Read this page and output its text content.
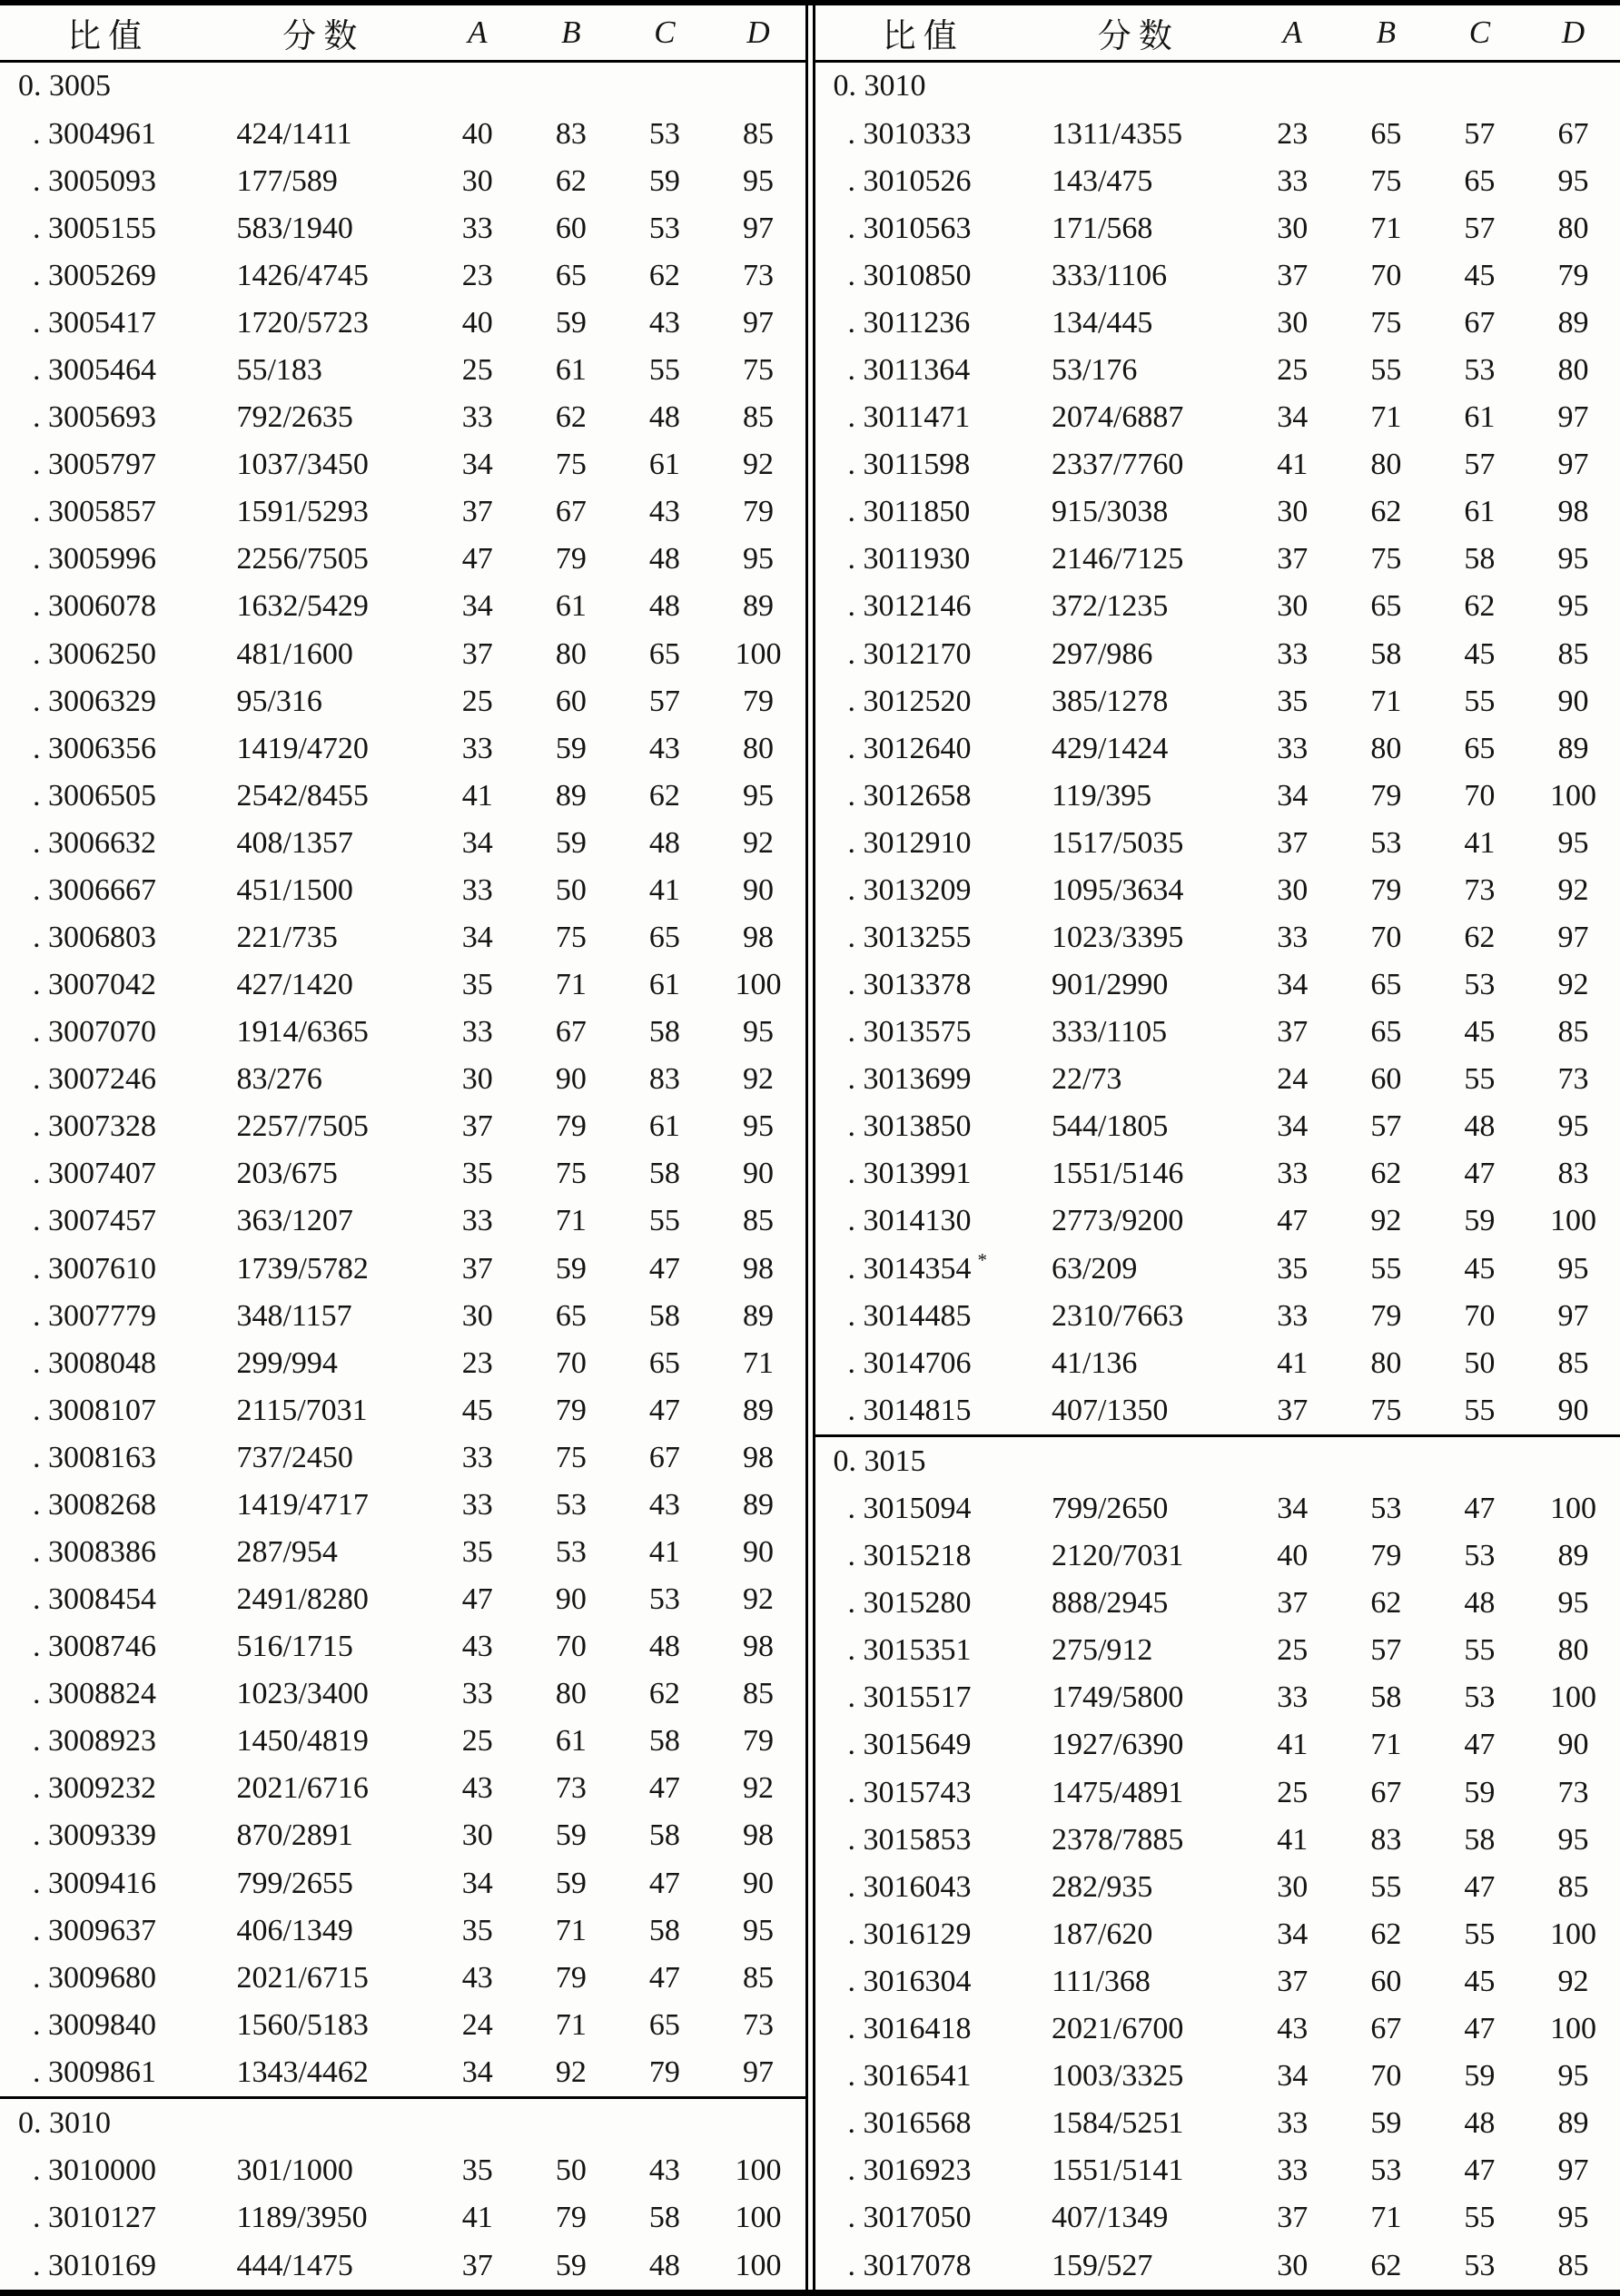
比值	分数	A	B	C	D
0. 3005					
. 3004961	424/1411	40	83	53	85
. 3005093	177/589	30	62	59	95
. 3005155	583/1940	33	60	53	97
. 3005269	1426/4745	23	65	62	73
. 3005417	1720/5723	40	59	43	97
. 3005464	55/183	25	61	55	75
. 3005693	792/2635	33	62	48	85
. 3005797	1037/3450	34	75	61	92
. 3005857	1591/5293	37	67	43	79
. 3005996	2256/7505	47	79	48	95
. 3006078	1632/5429	34	61	48	89
. 3006250	481/1600	37	80	65	100
. 3006329	95/316	25	60	57	79
. 3006356	1419/4720	33	59	43	80
. 3006505	2542/8455	41	89	62	95
. 3006632	408/1357	34	59	48	92
. 3006667	451/1500	33	50	41	90
. 3006803	221/735	34	75	65	98
. 3007042	427/1420	35	71	61	100
. 3007070	1914/6365	33	67	58	95
. 3007246	83/276	30	90	83	92
. 3007328	2257/7505	37	79	61	95
. 3007407	203/675	35	75	58	90
. 3007457	363/1207	33	71	55	85
. 3007610	1739/5782	37	59	47	98
. 3007779	348/1157	30	65	58	89
. 3008048	299/994	23	70	65	71
. 3008107	2115/7031	45	79	47	89
. 3008163	737/2450	33	75	67	98
. 3008268	1419/4717	33	53	43	89
. 3008386	287/954	35	53	41	90
. 3008454	2491/8280	47	90	53	92
. 3008746	516/1715	43	70	48	98
. 3008824	1023/3400	33	80	62	85
. 3008923	1450/4819	25	61	58	79
. 3009232	2021/6716	43	73	47	92
. 3009339	870/2891	30	59	58	98
. 3009416	799/2655	34	59	47	90
. 3009637	406/1349	35	71	58	95
. 3009680	2021/6715	43	79	47	85
. 3009840	1560/5183	24	71	65	73
. 3009861	1343/4462	34	92	79	97
0. 3010					
. 3010000	301/1000	35	50	43	100
. 3010127	1189/3950	41	79	58	100
. 3010169	444/1475	37	59	48	100
比值	分数	A	B	C	D
0. 3010					
. 3010333	1311/4355	23	65	57	67
. 3010526	143/475	33	75	65	95
. 3010563	171/568	30	71	57	80
. 3010850	333/1106	37	70	45	79
. 3011236	134/445	30	75	67	89
. 3011364	53/176	25	55	53	80
. 3011471	2074/6887	34	71	61	97
. 3011598	2337/7760	41	80	57	97
. 3011850	915/3038	30	62	61	98
. 3011930	2146/7125	37	75	58	95
. 3012146	372/1235	30	65	62	95
. 3012170	297/986	33	58	45	85
. 3012520	385/1278	35	71	55	90
. 3012640	429/1424	33	80	65	89
. 3012658	119/395	34	79	70	100
. 3012910	1517/5035	37	53	41	95
. 3013209	1095/3634	30	79	73	92
. 3013255	1023/3395	33	70	62	97
. 3013378	901/2990	34	65	53	92
. 3013575	333/1105	37	65	45	85
. 3013699	22/73	24	60	55	73
. 3013850	544/1805	34	57	48	95
. 3013991	1551/5146	33	62	47	83
. 3014130	2773/9200	47	92	59	100
. 3014354 *	63/209	35	55	45	95
. 3014485	2310/7663	33	79	70	97
. 3014706	41/136	41	80	50	85
. 3014815	407/1350	37	75	55	90
0. 3015					
. 3015094	799/2650	34	53	47	100
. 3015218	2120/7031	40	79	53	89
. 3015280	888/2945	37	62	48	95
. 3015351	275/912	25	57	55	80
. 3015517	1749/5800	33	58	53	100
. 3015649	1927/6390	41	71	47	90
. 3015743	1475/4891	25	67	59	73
. 3015853	2378/7885	41	83	58	95
. 3016043	282/935	30	55	47	85
. 3016129	187/620	34	62	55	100
. 3016304	111/368	37	60	45	92
. 3016418	2021/6700	43	67	47	100
. 3016541	1003/3325	34	70	59	95
. 3016568	1584/5251	33	59	48	89
. 3016923	1551/5141	33	53	47	97
. 3017050	407/1349	37	71	55	95
. 3017078	159/527	30	62	53	85
